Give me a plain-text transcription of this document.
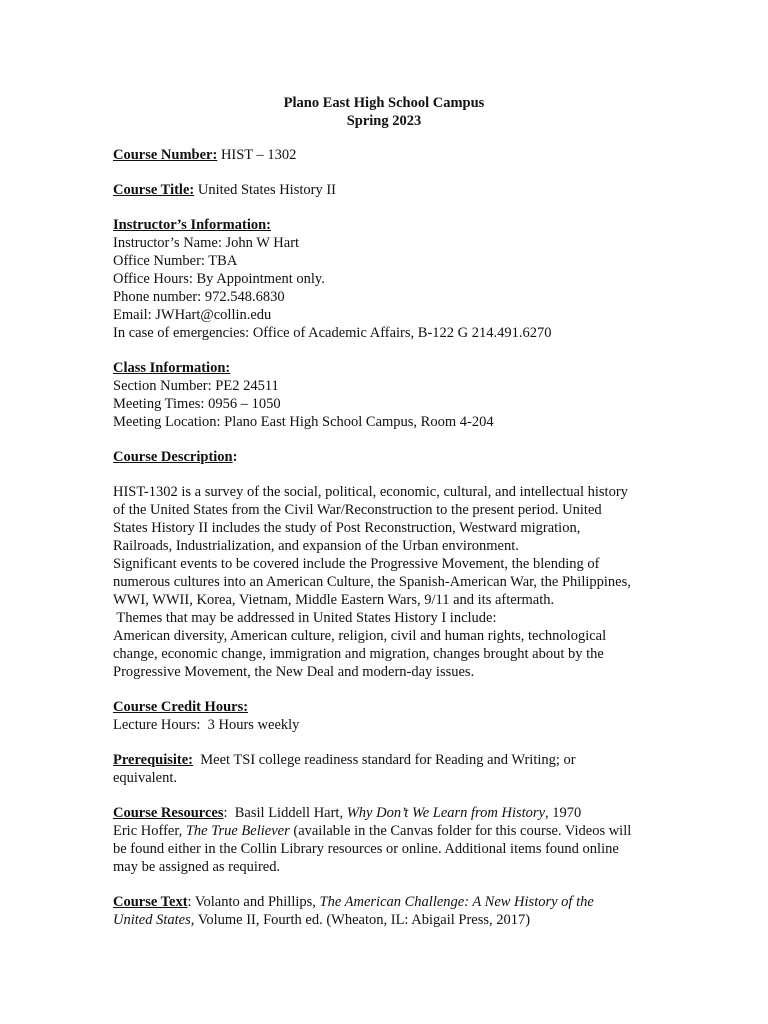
Plano East High School Campus
Spring 2023
Course Number: HIST – 1302
Course Title: United States History II
Instructor’s Information:
Instructor’s Name: John W Hart
Office Number: TBA
Office Hours: By Appointment only.
Phone number: 972.548.6830
Email: JWHart@collin.edu
In case of emergencies: Office of Academic Affairs, B-122 G 214.491.6270
Class Information:
Section Number: PE2 24511
Meeting Times: 0956 – 1050
Meeting Location: Plano East High School Campus, Room 4-204
Course Description:
HIST-1302 is a survey of the social, political, economic, cultural, and intellectual history
of the United States from the Civil War/Reconstruction to the present period. United
States History II includes the study of Post Reconstruction, Westward migration,
Railroads, Industrialization, and expansion of the Urban environment.
Significant events to be covered include the Progressive Movement, the blending of
numerous cultures into an American Culture, the Spanish-American War, the Philippines,
WWI, WWII, Korea, Vietnam, Middle Eastern Wars, 9/11 and its aftermath.
Themes that may be addressed in United States History I include:
American diversity, American culture, religion, civil and human rights, technological
change, economic change, immigration and migration, changes brought about by the
Progressive Movement, the New Deal and modern-day issues.
Course Credit Hours:
Lecture Hours:  3 Hours weekly
Prerequisite:  Meet TSI college readiness standard for Reading and Writing; or
equivalent.
Course Resources:  Basil Liddell Hart, Why Don’t We Learn from History, 1970
Eric Hoffer, The True Believer (available in the Canvas folder for this course. Videos will
be found either in the Collin Library resources or online. Additional items found online
may be assigned as required.
Course Text: Volanto and Phillips, The American Challenge: A New History of the
United States, Volume II, Fourth ed. (Wheaton, IL: Abigail Press, 2017)
